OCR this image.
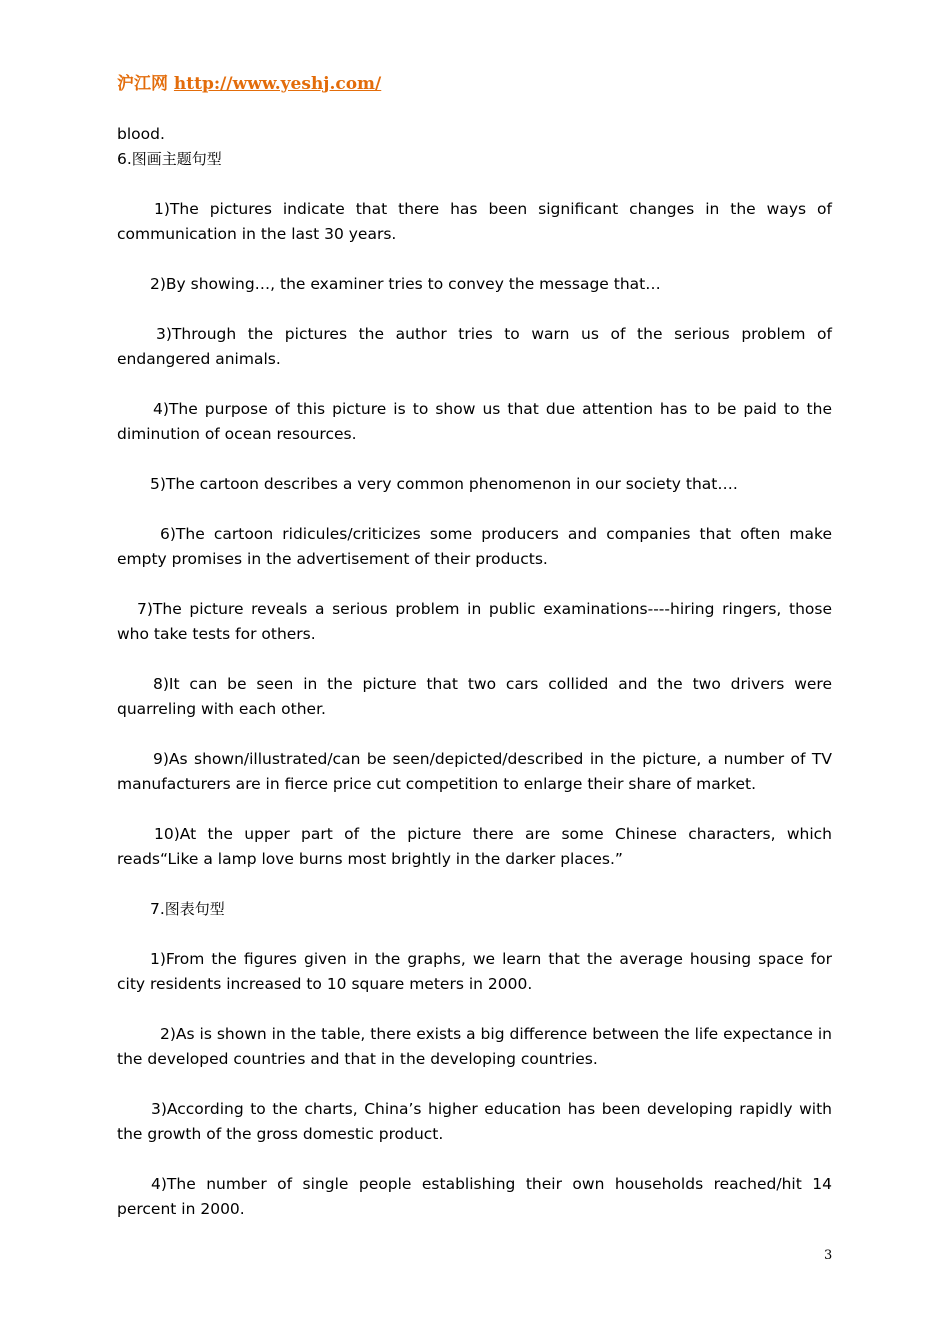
沪江网 http://www.yeshj.com/

blood.

6.图画主题句型

1)The pictures indicate that there has been significant changes in the ways of communication in the last 30 years.

2)By showing…, the examiner tries to convey the message that…

3)Through the pictures the author tries to warn us of the serious problem of endangered animals.

4)The purpose of this picture is to show us that due attention has to be paid to the diminution of ocean resources.

5)The cartoon describes a very common phenomenon in our society that….

6)The cartoon ridicules/criticizes some producers and companies that often make empty promises in the advertisement of their products.

7)The picture reveals a serious problem in public examinations----hiring ringers, those who take tests for others.

8)It can be seen in the picture that two cars collided and the two drivers were quarreling with each other.

9)As shown/illustrated/can be seen/depicted/described in the picture, a number of TV manufacturers are in fierce price cut competition to enlarge their share of market.

10)At the upper part of the picture there are some Chinese characters, which reads“Like a lamp love burns most brightly in the darker places.”

7.图表句型

1)From the figures given in the graphs, we learn that the average housing space for city residents increased to 10 square meters in 2000.

2)As is shown in the table, there exists a big difference between the life expectance in the developed countries and that in the developing countries.

3)According to the charts, China’s higher education has been developing rapidly with the growth of the gross domestic product.

4)The number of single people establishing their own households reached/hit 14 percent in 2000.

3
